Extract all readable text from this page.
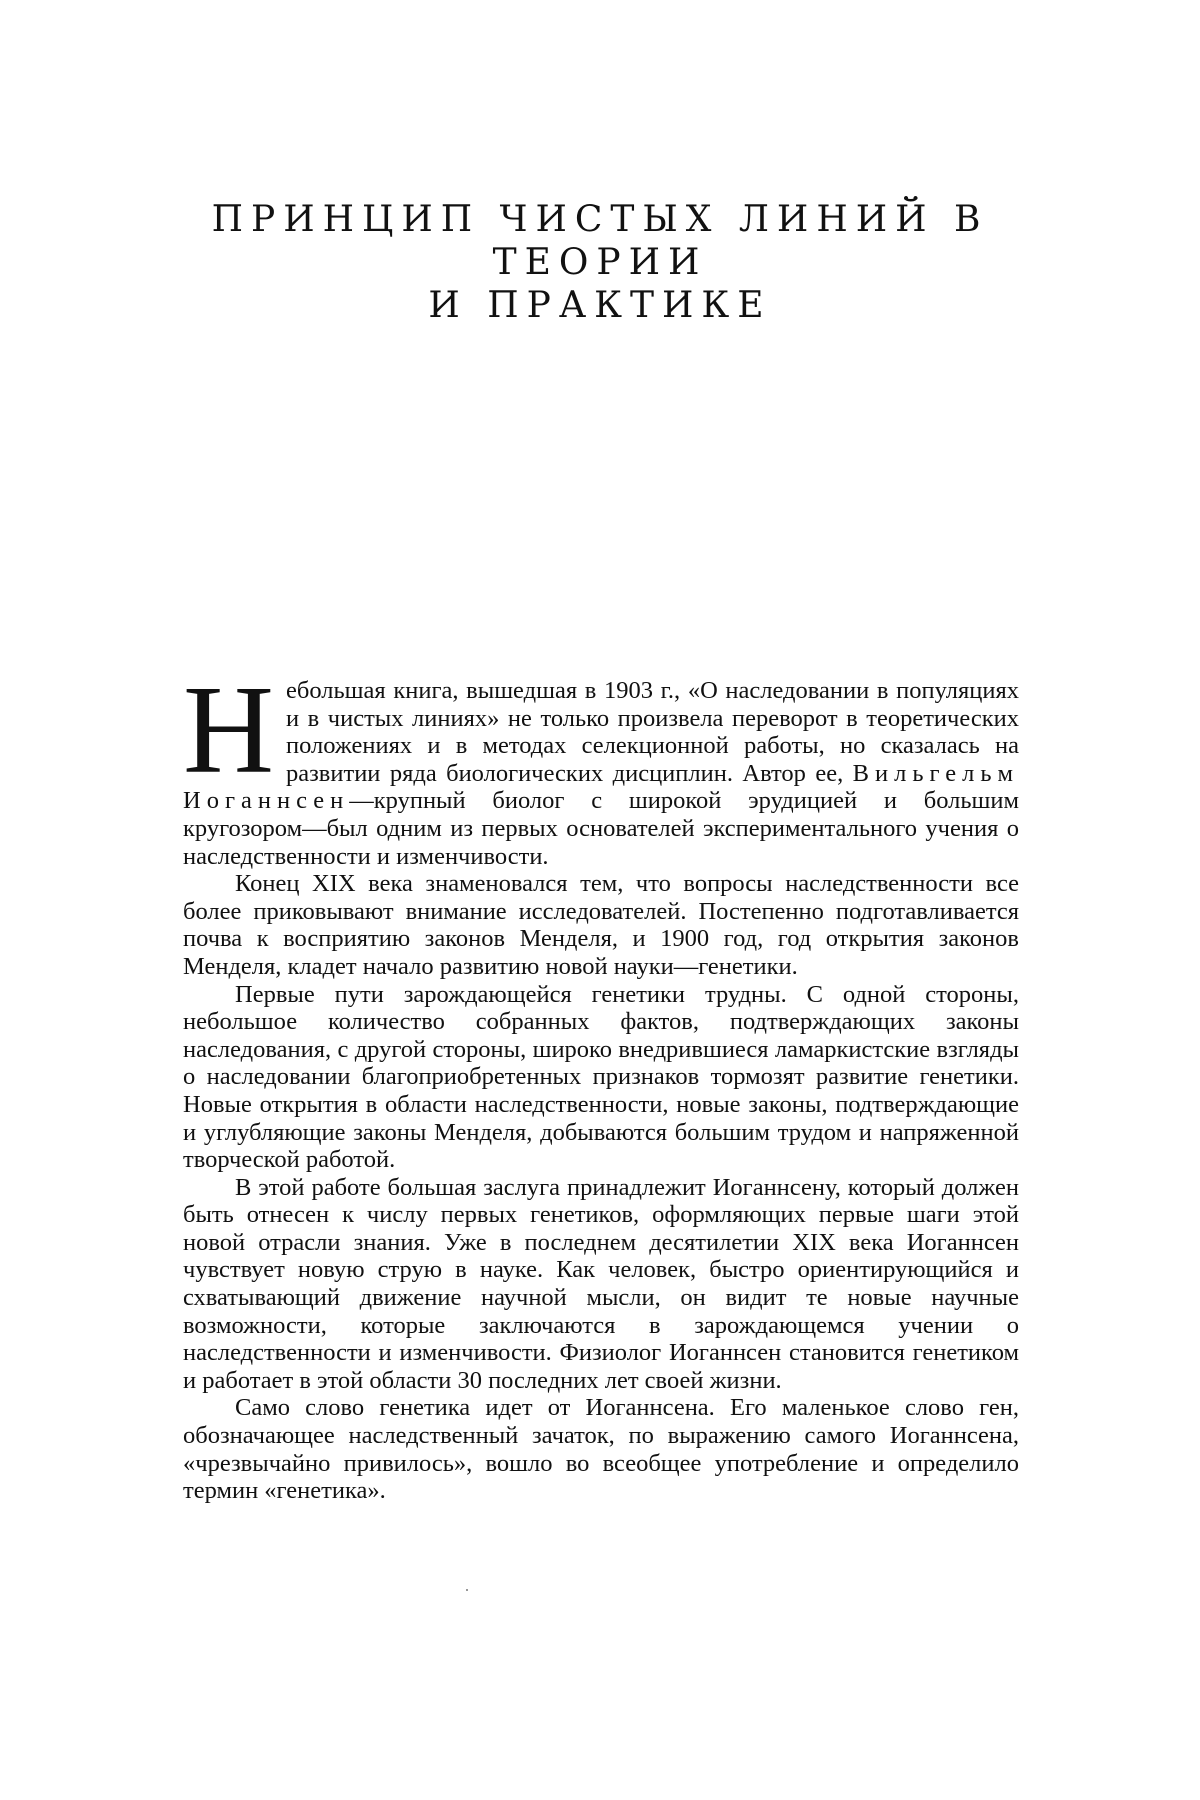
ПРИНЦИП ЧИСТЫХ ЛИНИЙ В ТЕОРИИ
И ПРАКТИКЕ
Н ебольшая книга, вышедшая в 1903 г., «О наследовании в популяциях и в чистых линиях» не только произвела переворот в теоретических положениях и в методах селекционной работы, но сказалась на развитии ряда биологических дисциплин. Автор ее, Вильгельм Иоганнсен—крупный биолог с широкой эрудицией и большим кругозором—был одним из первых основателей экспериментального учения о наследственности и изменчивости.

Конец XIX века знаменовался тем, что вопросы наследственности все более приковывают внимание исследователей. Постепенно подготавливается почва к восприятию законов Менделя, и 1900 год, год открытия законов Менделя, кладет начало развитию новой науки—генетики.

Первые пути зарождающейся генетики трудны. С одной стороны, небольшое количество собранных фактов, подтверждающих законы наследования, с другой стороны, широко внедрившиеся ламаркистские взгляды о наследовании благоприобретенных признаков тормозят развитие генетики. Новые открытия в области наследственности, новые законы, подтверждающие и углубляющие законы Менделя, добываются большим трудом и напряженной творческой работой.

В этой работе большая заслуга принадлежит Иоганнсену, который должен быть отнесен к числу первых генетиков, оформляющих первые шаги этой новой отрасли знания. Уже в последнем десятилетии XIX века Иоганнсен чувствует новую струю в науке. Как человек, быстро ориентирующийся и схватывающий движение научной мысли, он видит те новые научные возможности, которые заключаются в зарождающемся учении о наследственности и изменчивости. Физиолог Иоганнсен становится генетиком и работает в этой области 30 последних лет своей жизни.

Само слово генетика идет от Иоганнсена. Его маленькое слово ген, обозначающее наследственный зачаток, по выражению самого Иоганнсена, «чрезвычайно привилось», вошло во всеобщее употребление и определило термин «генетика».
